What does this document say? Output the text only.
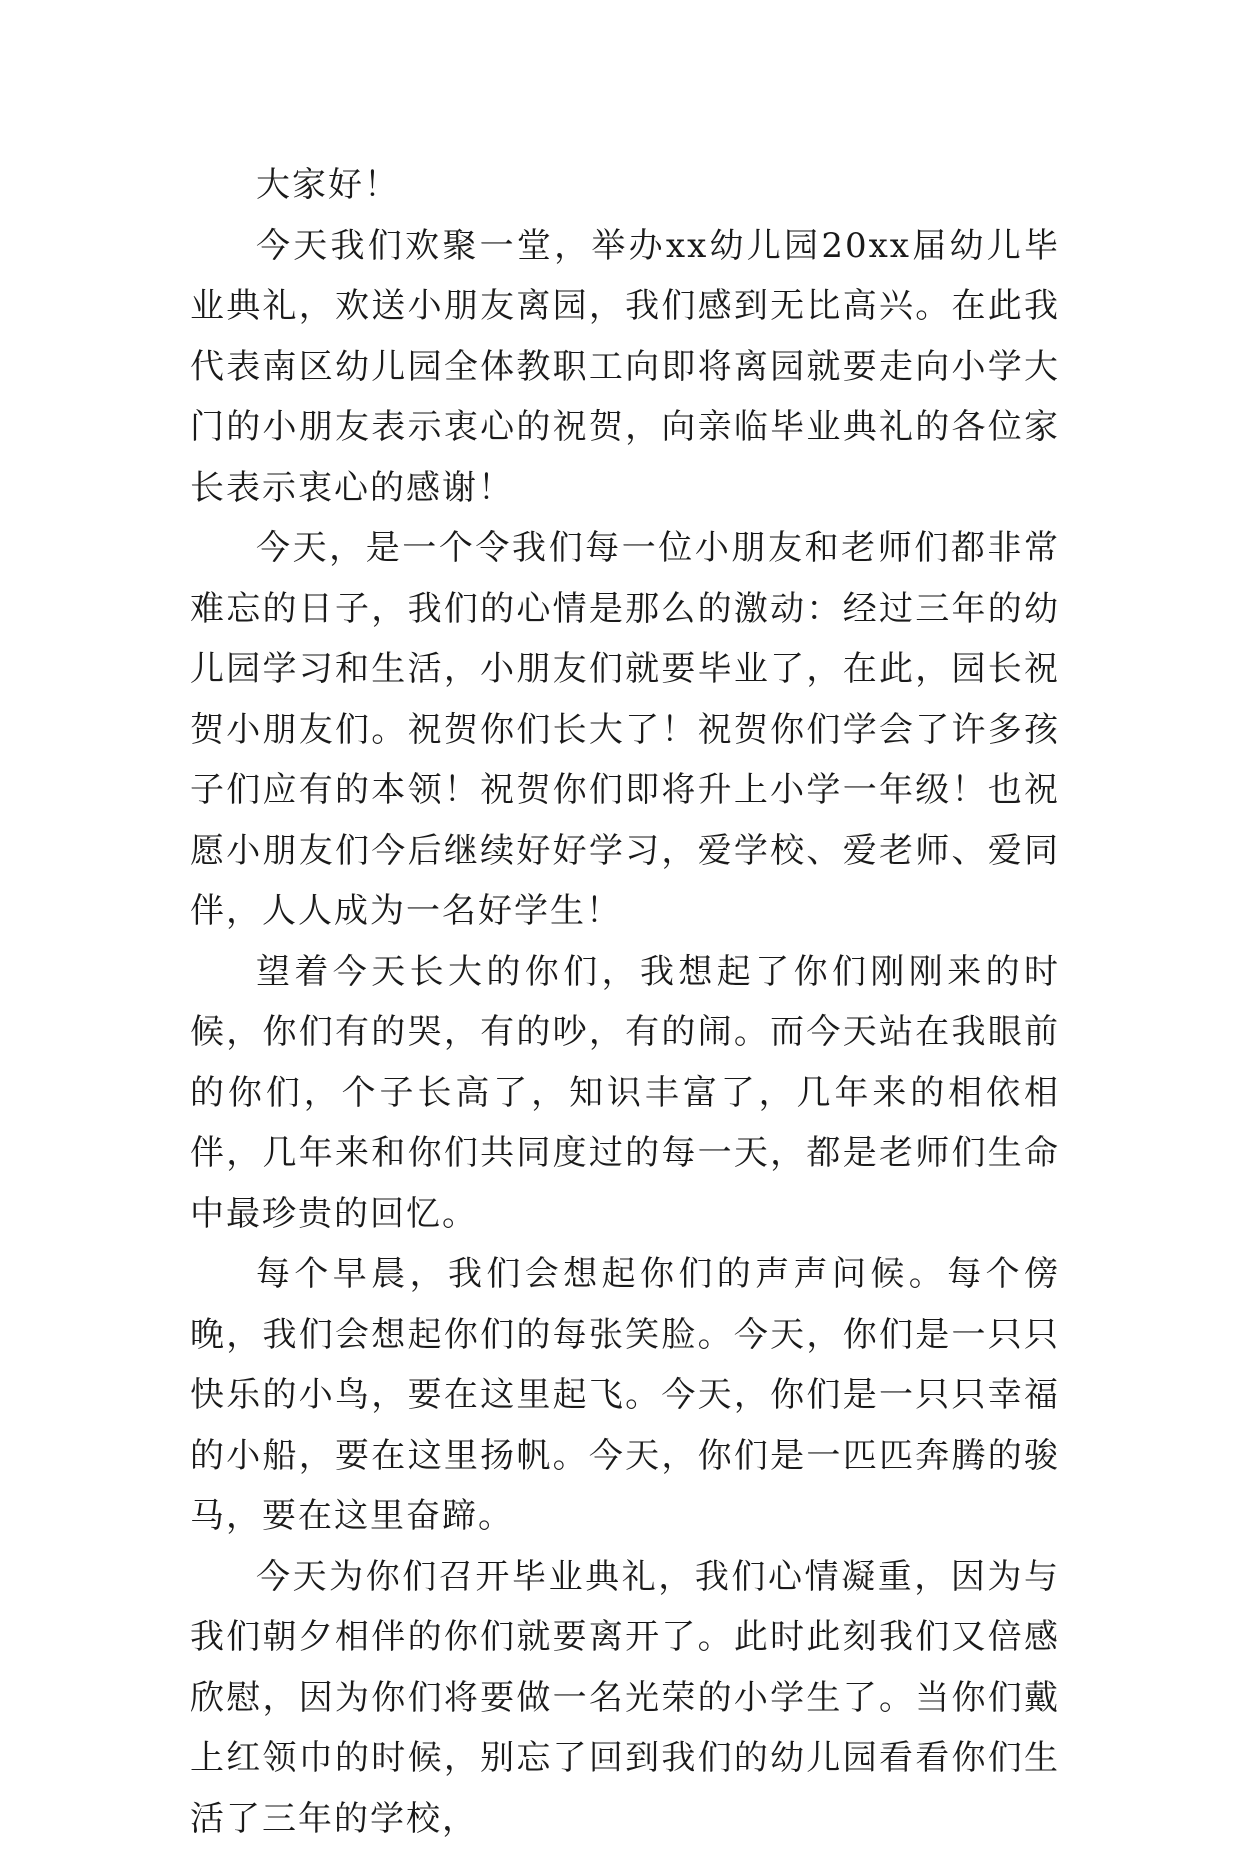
大家好！

今天我们欢聚一堂，举办xx幼儿园20xx届幼儿毕业典礼，欢送小朋友离园，我们感到无比高兴。在此我代表南区幼儿园全体教职工向即将离园就要走向小学大门的小朋友表示衷心的祝贺，向亲临毕业典礼的各位家长表示衷心的感谢！

今天，是一个令我们每一位小朋友和老师们都非常难忘的日子，我们的心情是那么的激动：经过三年的幼儿园学习和生活，小朋友们就要毕业了，在此，园长祝贺小朋友们。祝贺你们长大了！祝贺你们学会了许多孩子们应有的本领！祝贺你们即将升上小学一年级！也祝愿小朋友们今后继续好好学习，爱学校、爱老师、爱同伴，人人成为一名好学生！

望着今天长大的你们，我想起了你们刚刚来的时候，你们有的哭，有的吵，有的闹。而今天站在我眼前的你们，个子长高了，知识丰富了，几年来的相依相伴，几年来和你们共同度过的每一天，都是老师们生命中最珍贵的回忆。

每个早晨，我们会想起你们的声声问候。每个傍晚，我们会想起你们的每张笑脸。今天，你们是一只只快乐的小鸟，要在这里起飞。今天，你们是一只只幸福的小船，要在这里扬帆。今天，你们是一匹匹奔腾的骏马，要在这里奋蹄。

今天为你们召开毕业典礼，我们心情凝重，因为与我们朝夕相伴的你们就要离开了。此时此刻我们又倍感欣慰，因为你们将要做一名光荣的小学生了。当你们戴上红领巾的时候，别忘了回到我们的幼儿园看看你们生活了三年的学校，
